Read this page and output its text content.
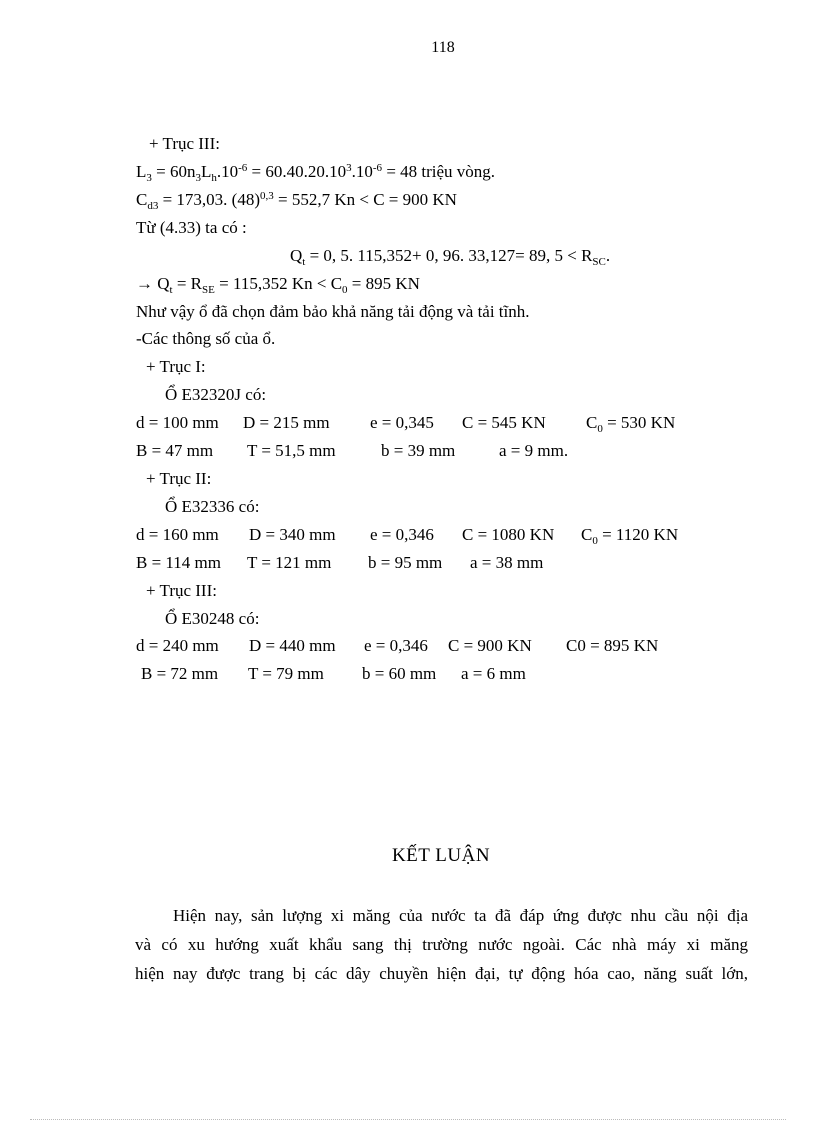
118
+ Trục III:
$L_3 = 60n_3L_h.10^{-6} = 60.40.20.10^3.10^{-6} = 48$ triệu vòng.
$C_{d3} = 173,03$. $(48)^{0,3} = 552,7$ Kn < C = 900 KN
Từ (4.33) ta có :
$Q_t = 0$, 5. 115,352+ 0, 96. 33,127= 89, $5 < R_{SC}$.
→ $Q_t = R_{SE} = 115,352$ $Kn < C_0 = 895$ KN
Như vậy ổ đã chọn đảm bảo khả năng tải động và tải tĩnh.
-Các thông số của ổ.
+ Trục I:
Ổ E32320J có:
d = 100 mm D = 215 mm e = 0,345 C = 545 KN $C_0 = 530$ KN
B = 47 mm T = 51,5 mm	b = 39 mm	a = 9 mm.
+ Trục II:
Ổ E32336 có:
d = 160 mm D = 340 mm e = 0,346 C = 1080 KN $C_0 = 1120$ KN
B = 114 mm T = 121 mm b = 95 mm a = 38 mm
+ Trục III:
Ổ E30248 có:
d = 240 mm D = 440 mm e = 0,346 C = 900 KN C0 = 895 KN
B = 72 mm T = 79 mm b = 60 mm a = 6 mm
KẾT LUẬN
Hiện nay, sản lượng xi măng của nước ta đã đáp ứng được nhu cầu nội địa
và có xu hướng xuất khẩu sang thị trường nước ngoài. Các nhà máy xi măng
hiện nay được trang bị các dây chuyền hiện đại, tự động hóa cao, năng suất lớn,
